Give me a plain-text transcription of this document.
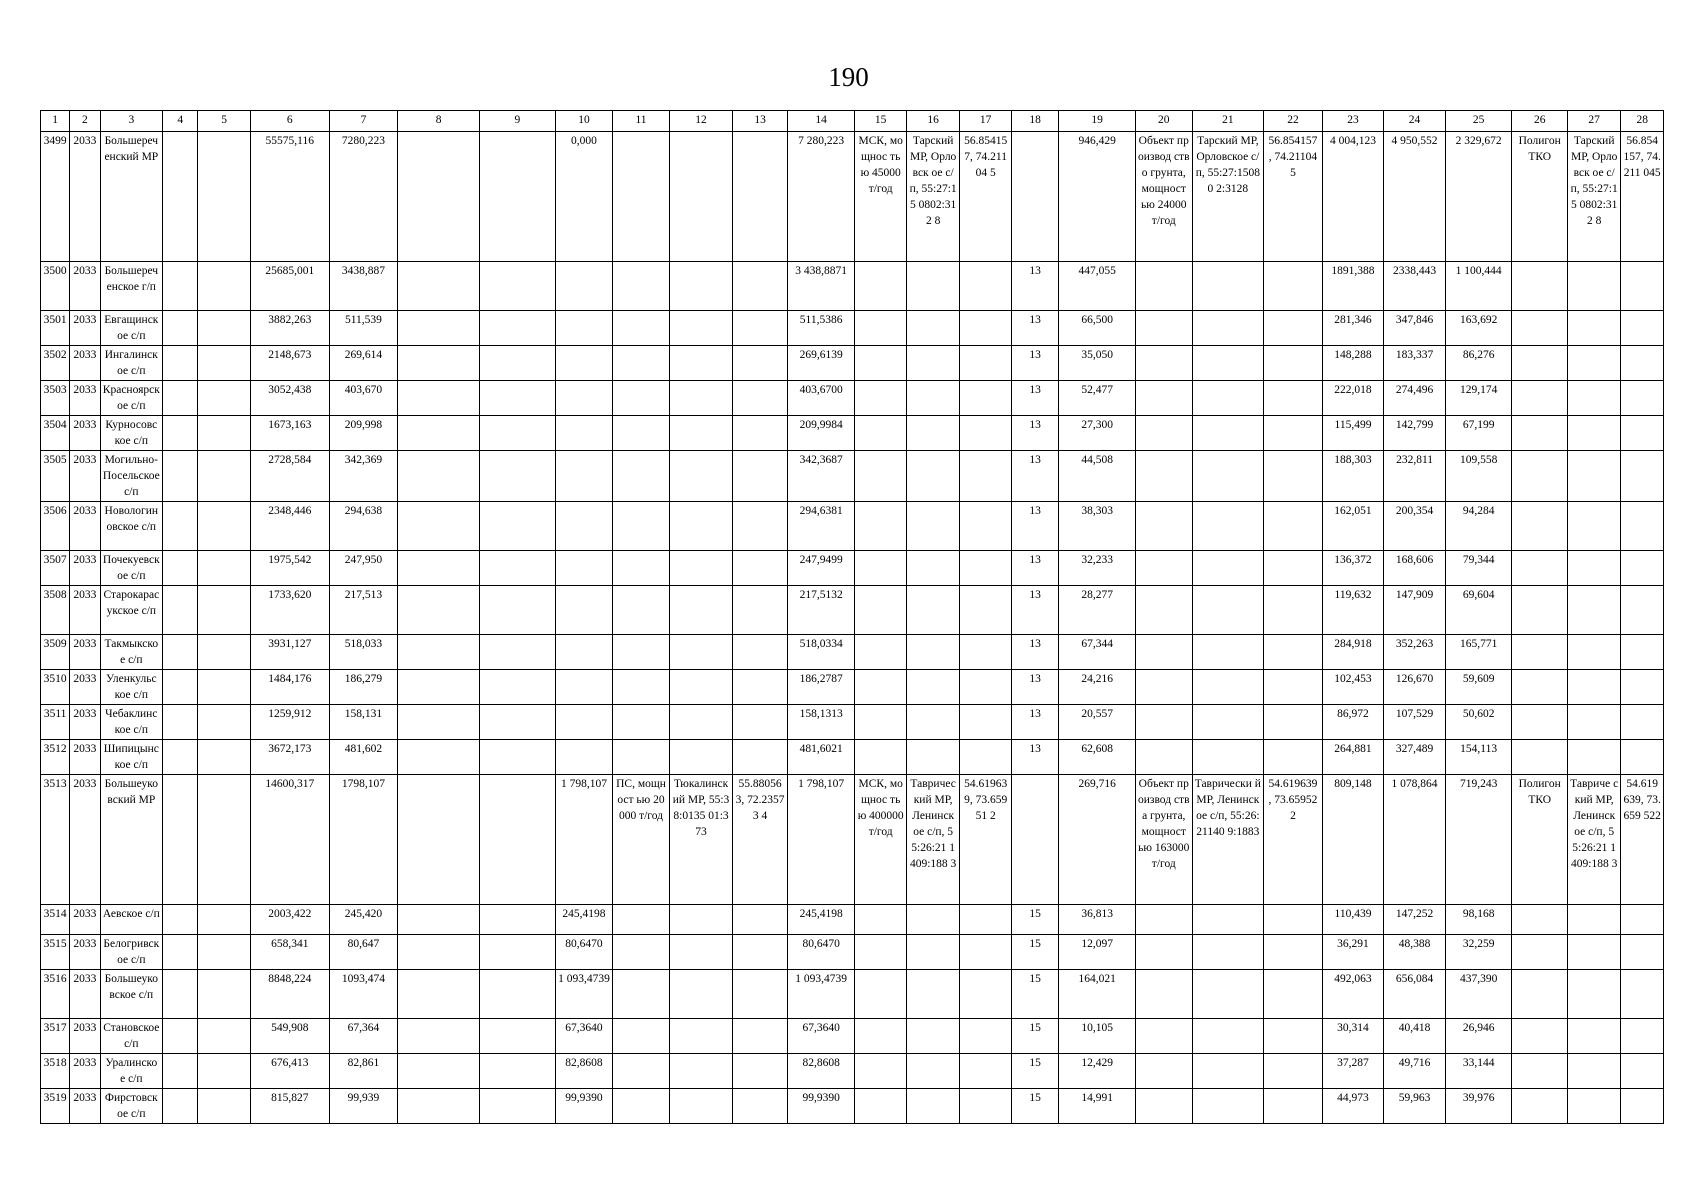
190
1	2	3	4	5	6	7	8	9	10	11	12	13	14	15	16	17	18	19	20	21	22	23	24	25	26	27	28
3499	2033	Большереч енский МР			55575,116	7280,223			0,000				7 280,223	МСК, мощнос тью 45000 т/год	Тарский МР, Орловск ое с/п, 55:27:15 0802:312 8	56.85415 7, 74.21104 5		946,429	Объект производ ство грунта, мощност ью 24000 т/год	Тарский МР, Орловское с/п, 55:27:15080 2:3128	56.854157 , 74.211045	4 004,123	4 950,552	2 329,672	Полигон ТКО	Тарский МР, Орловск ое с/п, 55:27:15 0802:312 8	56.854 157, 74.211 045
3500	2033	Большереч енское г/п			25685,001	3438,887							3 438,8871				13	447,055				1891,388	2338,443	1 100,444			
3501	2033	Евгащинск ое с/п			3882,263	511,539							511,5386				13	66,500				281,346	347,846	163,692			
3502	2033	Ингалинск ое с/п			2148,673	269,614							269,6139				13	35,050				148,288	183,337	86,276			
3503	2033	Красноярск ое с/п			3052,438	403,670							403,6700				13	52,477				222,018	274,496	129,174			
3504	2033	Курносовс кое с/п			1673,163	209,998							209,9984				13	27,300				115,499	142,799	67,199			
3505	2033	Могильно- Посельское с/п			2728,584	342,369							342,3687				13	44,508				188,303	232,811	109,558			
3506	2033	Новологин овское с/п			2348,446	294,638							294,6381				13	38,303				162,051	200,354	94,284			
3507	2033	Почекуевск ое с/п			1975,542	247,950							247,9499				13	32,233				136,372	168,606	79,344			
3508	2033	Старокарас укское с/п			1733,620	217,513							217,5132				13	28,277				119,632	147,909	69,604			
3509	2033	Такмыкско е с/п			3931,127	518,033							518,0334				13	67,344				284,918	352,263	165,771			
3510	2033	Уленкульс кое с/п			1484,176	186,279							186,2787				13	24,216				102,453	126,670	59,609			
3511	2033	Чебаклинс кое с/п			1259,912	158,131							158,1313				13	20,557				86,972	107,529	50,602			
3512	2033	Шипицынс кое с/п			3672,173	481,602							481,6021				13	62,608				264,881	327,489	154,113			
3513	2033	Большеуко вский МР			14600,317	1798,107			1 798,107	ПС, мощност ью 20000 т/год	Тюкалинск ий МР, 55:38:0135 01:373	55.88056 3, 72.23573 4	1 798,107	МСК, мощнос тью 400000 т/год	Тавричес кий МР, Ленинск ое с/п, 55:26:21 1409:188 3	54.61963 9, 73.65951 2		269,716	Объект производ ства грунта, мощност ью 163000 т/год	Таврически й МР, Ленинское с/п, 55:26:21140 9:1883	54.619639 , 73.659522	809,148	1 078,864	719,243	Полигон ТКО	Тавриче ский МР, Ленинск ое с/п, 55:26:21 1409:188 3	54.619 639, 73.659 522
3514	2033	Аевское с/п			2003,422	245,420			245,4198				245,4198				15	36,813				110,439	147,252	98,168			
3515	2033	Белогривск ое с/п			658,341	80,647			80,6470				80,6470				15	12,097				36,291	48,388	32,259			
3516	2033	Большеуко вское с/п			8848,224	1093,474			1 093,4739				1 093,4739				15	164,021				492,063	656,084	437,390			
3517	2033	Становское с/п			549,908	67,364			67,3640				67,3640				15	10,105				30,314	40,418	26,946			
3518	2033	Уралинско е с/п			676,413	82,861			82,8608				82,8608				15	12,429				37,287	49,716	33,144			
3519	2033	Фирстовск ое с/п			815,827	99,939			99,9390				99,9390				15	14,991				44,973	59,963	39,976			
